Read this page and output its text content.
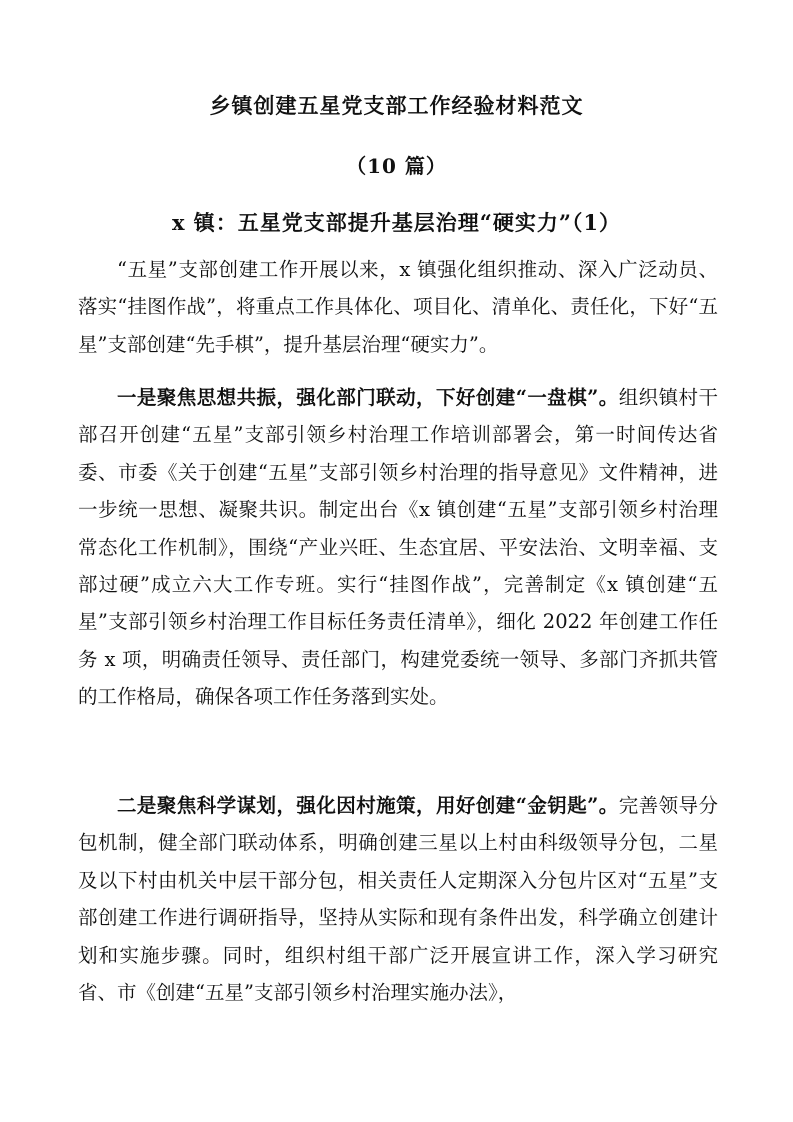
乡镇创建五星党支部工作经验材料范文
（10 篇）
x 镇：五星党支部提升基层治理“硬实力”（1）

“五星”支部创建工作开展以来，x 镇强化组织推动、深入广泛动员、落实“挂图作战”，将重点工作具体化、项目化、清单化、责任化，下好“五星”支部创建“先手棋”，提升基层治理“硬实力”。

一是聚焦思想共振，强化部门联动，下好创建“一盘棋”。组织镇村干部召开创建“五星”支部引领乡村治理工作培训部署会，第一时间传达省委、市委《关于创建“五星”支部引领乡村治理的指导意见》文件精神，进一步统一思想、凝聚共识。制定出台《x 镇创建“五星”支部引领乡村治理常态化工作机制》，围绕“产业兴旺、生态宜居、平安法治、文明幸福、支部过硬”成立六大工作专班。实行“挂图作战”，完善制定《x 镇创建“五星”支部引领乡村治理工作目标任务责任清单》，细化 2022 年创建工作任务 x 项，明确责任领导、责任部门，构建党委统一领导、多部门齐抓共管的工作格局，确保各项工作任务落到实处。

二是聚焦科学谋划，强化因村施策，用好创建“金钥匙”。完善领导分包机制，健全部门联动体系，明确创建三星以上村由科级领导分包，二星及以下村由机关中层干部分包，相关责任人定期深入分包片区对“五星”支部创建工作进行调研指导，坚持从实际和现有条件出发，科学确立创建计划和实施步骤。同时，组织村组干部广泛开展宣讲工作，深入学习研究省、市《创建“五星”支部引领乡村治理实施办法》，
